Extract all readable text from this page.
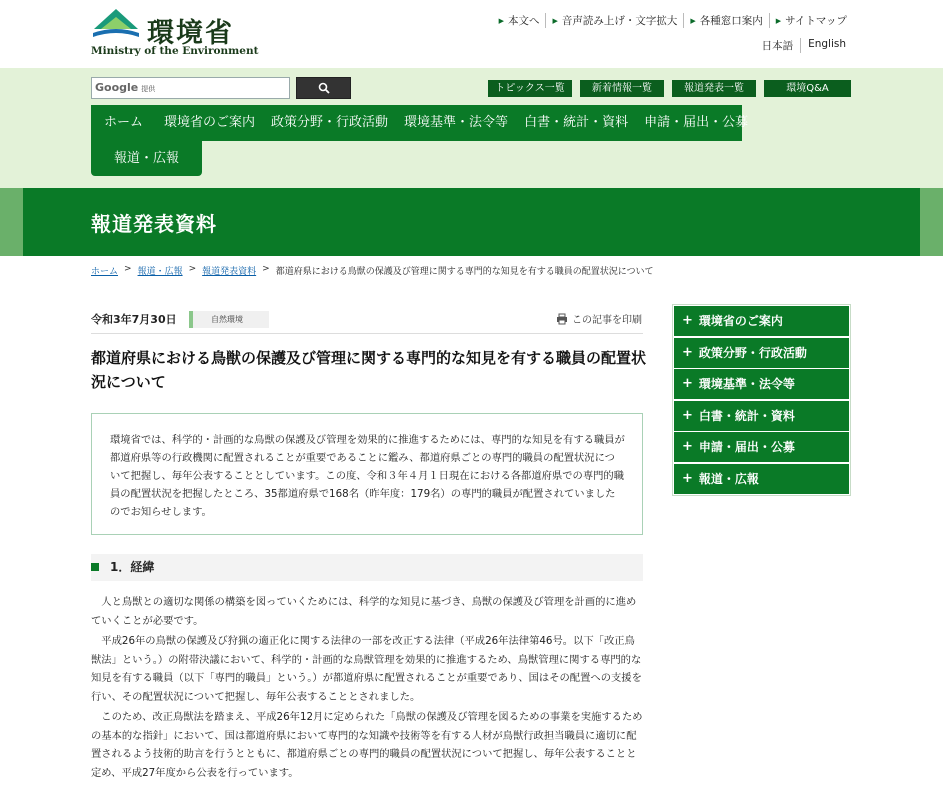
環境省
Ministry of the Environment
▶ 本文へ ▶ 音声読み上げ・文字拡大 ▶ 各種窓口案内 ▶ サイトマップ
日本語	English
Google 提供	トピックス一覧	新着情報一覧	報道発表一覧	環境Q&A
ホーム	環境省のご案内	政策分野・行政活動	環境基準・法令等	白書・統計・資料	申請・届出・公募
報道・広報
報道発表資料
ホーム > 報道・広報 > 報道発表資料 > 都道府県における鳥獣の保護及び管理に関する専門的な知見を有する職員の配置状況について
令和3年7月30日	自然環境	この記事を印刷
都道府県における鳥獣の保護及び管理に関する専門的な知見を有する職員の配置状況について
環境省では、科学的・計画的な鳥獣の保護及び管理を効果的に推進するためには、専門的な知見を有する職員が都道府県等の行政機関に配置されることが重要であることに鑑み、都道府県ごとの専門的職員の配置状況について把握し、毎年公表することとしています。この度、令和３年４月１日現在における各都道府県での専門的職員の配置状況を把握したところ、35都道府県で168名（昨年度：179名）の専門的職員が配置されていましたのでお知らせします。
1．経緯

人と鳥獣との適切な関係の構築を図っていくためには、科学的な知見に基づき、鳥獣の保護及び管理を計画的に進めていくことが必要です。

平成26年の鳥獣の保護及び狩猟の適正化に関する法律の一部を改正する法律（平成26年法律第46号。以下「改正鳥獣法」という。）の附帯決議において、科学的・計画的な鳥獣管理を効果的に推進するため、鳥獣管理に関する専門的な知見を有する職員（以下「専門的職員」という。）が都道府県に配置されることが重要であり、国はその配置への支援を行い、その配置状況について把握し、毎年公表することとされました。

このため、改正鳥獣法を踏まえ、平成26年12月に定められた「鳥獣の保護及び管理を図るための事業を実施するための基本的な指針」において、国は都道府県において専門的な知識や技術等を有する人材が鳥獣行政担当職員に適切に配置されるよう技術的助言を行うとともに、都道府県ごとの専門的職員の配置状況について把握し、毎年公表することと定め、平成27年度から公表を行っています。

+ 環境省のご案内
+ 政策分野・行政活動
+ 環境基準・法令等
+ 白書・統計・資料
+ 申請・届出・公募
+ 報道・広報
